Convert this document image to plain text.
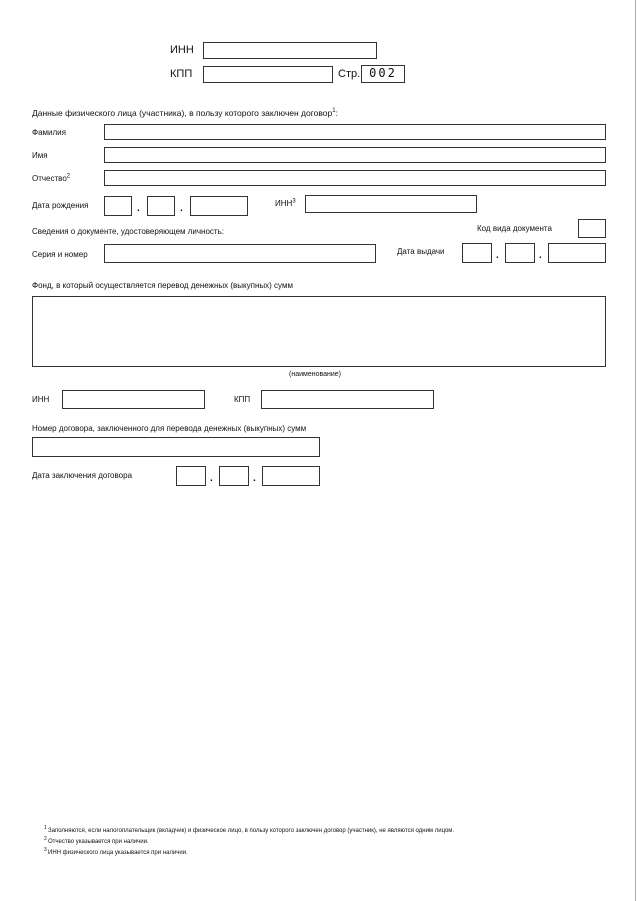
ИНН
КПП	Стр. 002
Данные физического лица (участника), в пользу которого заключен договор$^1$:
Фамилия
Имя
Отчество$^2$
Дата рождения	.	.	ИНН$^3$
Сведения о документе, удостоверяющем личность:	Код вида документа
Серия и номер	Дата выдачи	.	.
Фонд, в который осуществляется перевод денежных (выкупных) сумм
(наименование)
ИНН	КПП
Номер договора, заключенного для перевода денежных (выкупных) сумм
Дата заключения договора	.	.
1 Заполняются, если налогоплательщик (вкладчик) и физическое лицо, в пользу которого заключен договор (участник), не являются одним лицом.
2 Отчество указывается при наличии.
3 ИНН физического лица указывается при наличии.
